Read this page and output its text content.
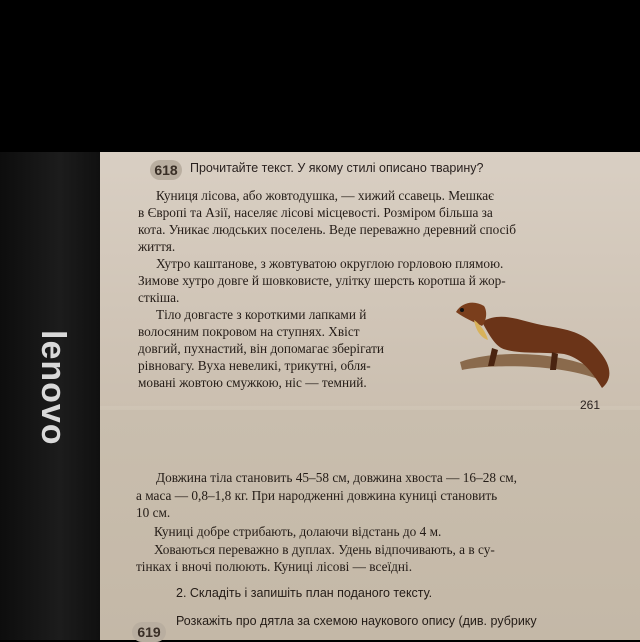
lenovo
618 Прочитайте текст. У якому стилі описано тварину?
Куниця лісова, або жовтодушка, — хижий ссавець. Мешкає
в Європі та Азії, населяє лісові місцевості. Розміром більша за
кота. Уникає людських поселень. Веде переважно деревний спосіб
життя.
Хутро каштанове, з жовтуватою округлою горловою плямою.
Зимове хутро довге й шовковисте, улітку шерсть коротша й жор-
сткіша.
Тіло довгасте з короткими лапками й
волосяним покровом на ступнях. Хвіст
довгий, пухнастий, він допомагає зберігати
рівновагу. Вуха невеликі, трикутні, обля-
мовані жовтою смужкою, ніс — темний.
261
Довжина тіла становить 45–58 см, довжина хвоста — 16–28 см,
а маса — 0,8–1,8 кг. При народженні довжина куниці становить
10 см.
Куниці добре стрибають, долаючи відстань до 4 м.
Ховаються переважно в дуплах. Удень відпочивають, а в су-
тінках і вночі полюють. Куниці лісові — всеїдні.
2. Складіть і запишіть план поданого тексту.
619
Розкажіть про дятла за схемою наукового опису (див. рубрику
